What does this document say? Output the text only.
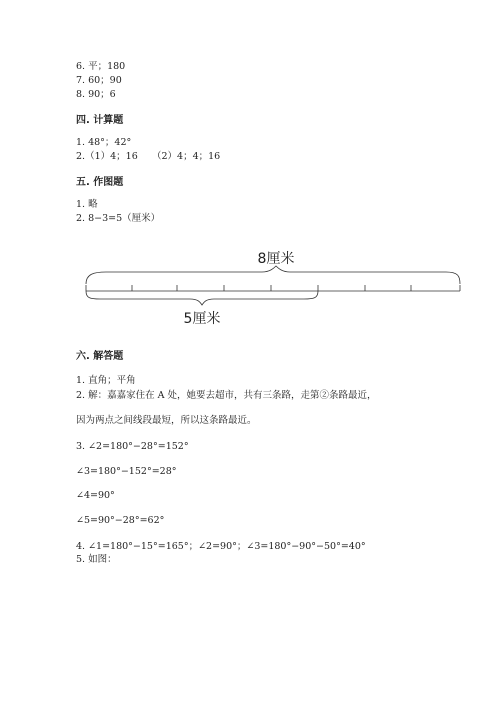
6. 平；180
7. 60；90
8. 90；6
四. 计算题
1. 48°；42°
2.（1）4；16　　（2）4；4；16
五. 作图题
1. 略
2. 8−3=5（厘米）
8厘米
5厘米
六. 解答题
1. 直角；平角
2. 解：嘉嘉家住在 A 处，她要去超市，共有三条路，走第②条路最近，
因为两点之间线段最短，所以这条路最近。
3. ∠2=180°−28°=152°
∠3=180°−152°=28°
∠4=90°
∠5=90°−28°=62°
4. ∠1=180°−15°=165°；∠2=90°；∠3=180°−90°−50°=40°
5. 如图：
